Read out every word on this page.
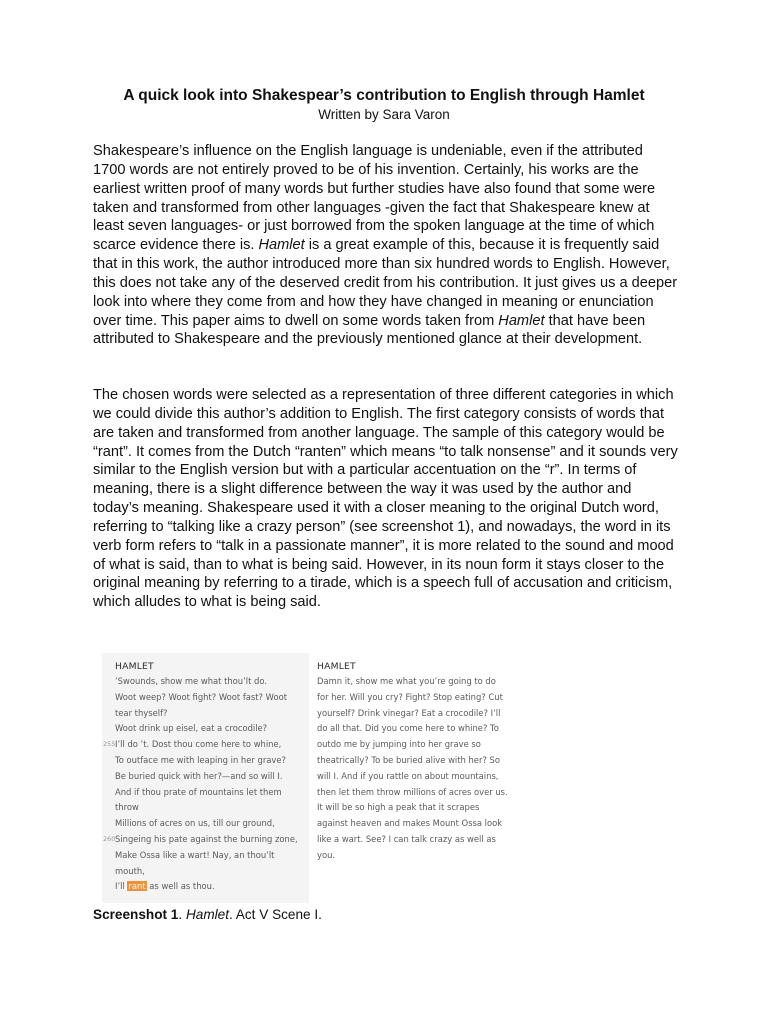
A quick look into Shakespear’s contribution to English through Hamlet
Written by Sara Varon

Shakespeare’s influence on the English language is undeniable, even if the attributed 1700 words are not entirely proved to be of his invention. Certainly, his works are the earliest written proof of many words but further studies have also found that some were taken and transformed from other languages -given the fact that Shakespeare knew at least seven languages- or just borrowed from the spoken language at the time of which scarce evidence there is. Hamlet is a great example of this, because it is frequently said that in this work, the author introduced more than six hundred words to English. However, this does not take any of the deserved credit from his contribution. It just gives us a deeper look into where they come from and how they have changed in meaning or enunciation over time. This paper aims to dwell on some words taken from Hamlet that have been attributed to Shakespeare and the previously mentioned glance at their development.

The chosen words were selected as a representation of three different categories in which we could divide this author’s addition to English. The first category consists of words that are taken and transformed from another language. The sample of this category would be “rant”. It comes from the Dutch “ranten” which means “to talk nonsense” and it sounds very similar to the English version but with a particular accentuation on the “r”. In terms of meaning, there is a slight difference between the way it was used by the author and today’s meaning. Shakespeare used it with a closer meaning to the original Dutch word, referring to “talking like a crazy person” (see screenshot 1), and nowadays, the word in its verb form refers to “talk in a passionate manner”, it is more related to the sound and mood of what is said, than to what is being said. However, in its noun form it stays closer to the original meaning by referring to a tirade, which is a speech full of accusation and criticism, which alludes to what is being said.

HAMLET
’Swounds, show me what thou’lt do.
Woot weep? Woot fight? Woot fast? Woot
tear thyself?
Woot drink up eisel, eat a crocodile?
255 I’ll do ’t. Dost thou come here to whine,
To outface me with leaping in her grave?
Be buried quick with her?—and so will I.
And if thou prate of mountains let them
throw
Millions of acres on us, till our ground,
260 Singeing his pate against the burning zone,
Make Ossa like a wart! Nay, an thou’lt
mouth,
I’ll rant as well as thou.
HAMLET
Damn it, show me what you’re going to do
for her. Will you cry? Fight? Stop eating? Cut
yourself? Drink vinegar? Eat a crocodile? I’ll
do all that. Did you come here to whine? To
outdo me by jumping into her grave so
theatrically? To be buried alive with her? So
will I. And if you rattle on about mountains,
then let them throw millions of acres over us.
It will be so high a peak that it scrapes
against heaven and makes Mount Ossa look
like a wart. See? I can talk crazy as well as
you.
Screenshot 1. Hamlet. Act V Scene I.
